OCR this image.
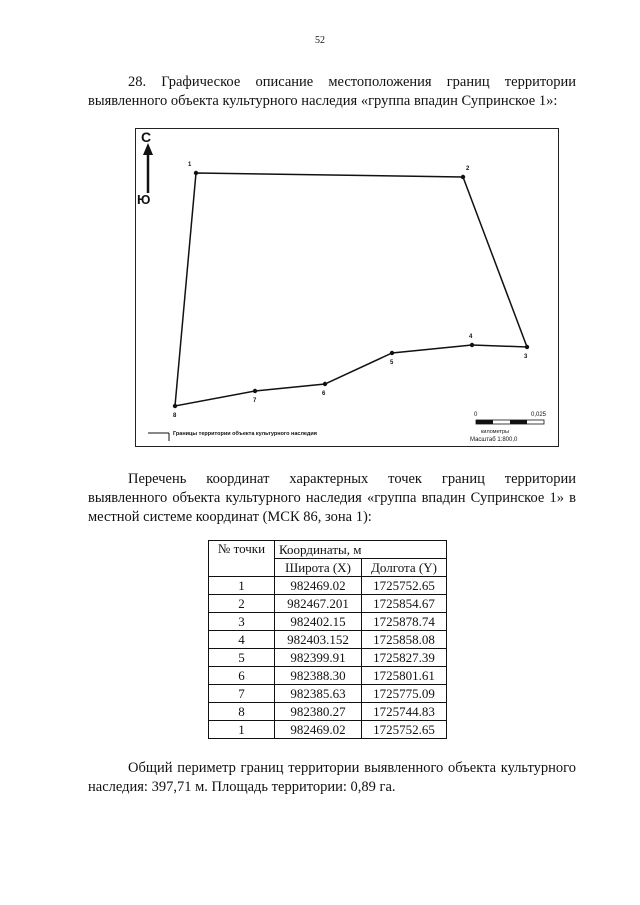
52
28. Графическое описание местоположения границ территории выявленного объекта культурного наследия «группа впадин Супринское 1»:
1
2
3
4
5
6
7
8
С
Ю
Границы территории объекта культурного наследия
0	0,025
километры
Масштаб 1:800,0
Перечень координат характерных точек границ территории выявленного объекта культурного наследия «группа впадин Супринское 1» в местной системе координат (МСК 86, зона 1):
№ точки	Координаты, м	
	Широта (X)	Долгота (Y)
1	982469.02	1725752.65
2	982467.201	1725854.67
3	982402.15	1725878.74
4	982403.152	1725858.08
5	982399.91	1725827.39
6	982388.30	1725801.61
7	982385.63	1725775.09
8	982380.27	1725744.83
1	982469.02	1725752.65
Общий периметр границ территории выявленного объекта культурного наследия: 397,71 м. Площадь территории: 0,89 га.
